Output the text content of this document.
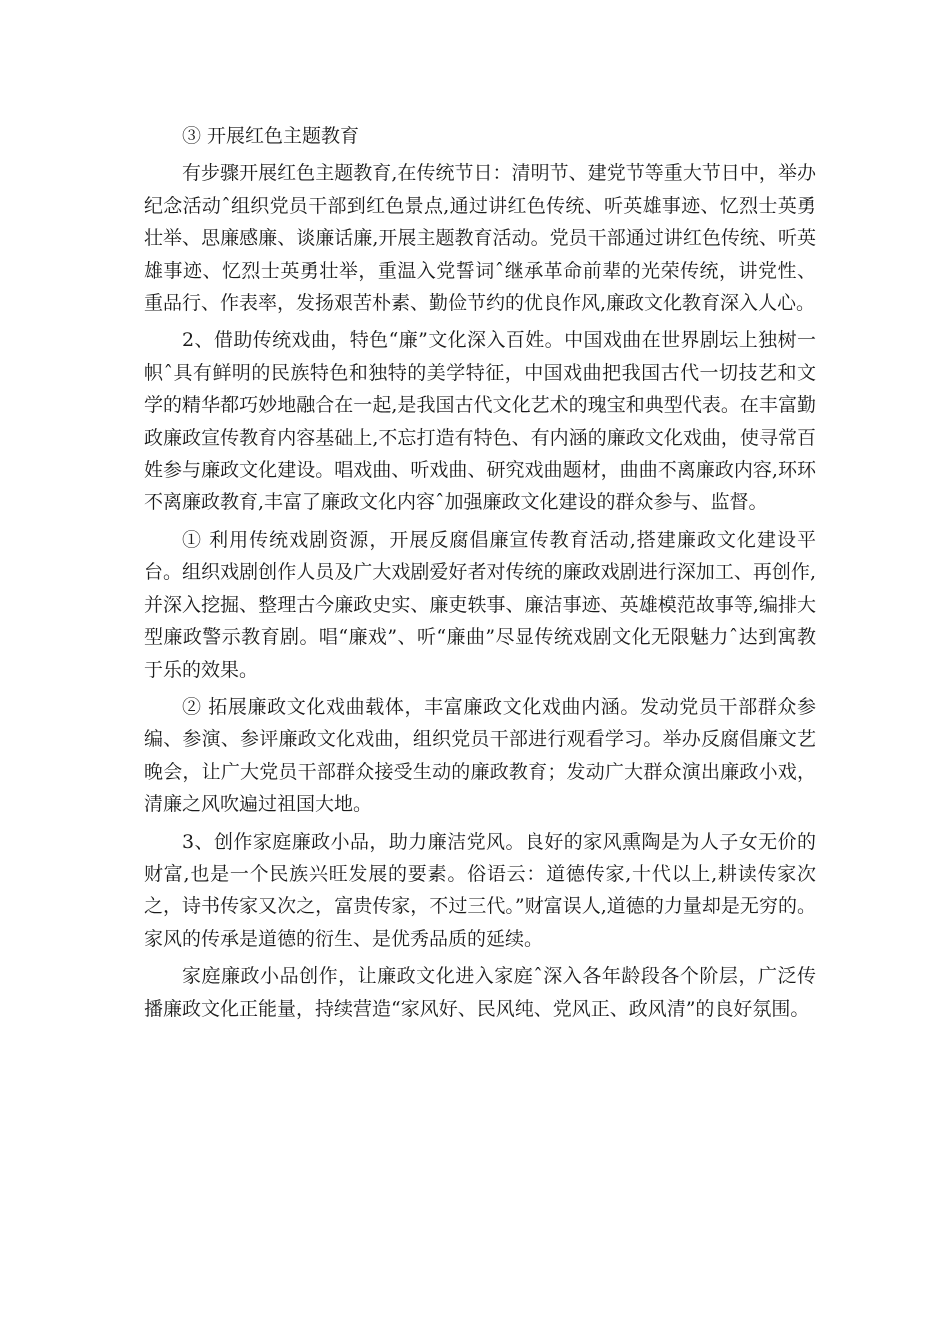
③ 开展红色主题教育

有步骤开展红色主题教育,在传统节日：清明节、建党节等重大节日中，举办纪念活动ˆ组织党员干部到红色景点,通过讲红色传统、听英雄事迹、忆烈士英勇壮举、思廉感廉、谈廉话廉,开展主题教育活动。党员干部通过讲红色传统、听英雄事迹、忆烈士英勇壮举，重温入党誓词ˆ继承革命前辈的光荣传统，讲党性、重品行、作表率，发扬艰苦朴素、勤俭节约的优良作风,廉政文化教育深入人心。

2、借助传统戏曲，特色“廉”文化深入百姓。中国戏曲在世界剧坛上独树一帜ˆ具有鲜明的民族特色和独特的美学特征，中国戏曲把我国古代一切技艺和文学的精华都巧妙地融合在一起,是我国古代文化艺术的瑰宝和典型代表。在丰富勤政廉政宣传教育内容基础上,不忘打造有特色、有内涵的廉政文化戏曲，使寻常百姓参与廉政文化建设。唱戏曲、听戏曲、研究戏曲题材，曲曲不离廉政内容,环环不离廉政教育,丰富了廉政文化内容ˆ加强廉政文化建设的群众参与、监督。

① 利用传统戏剧资源，开展反腐倡廉宣传教育活动,搭建廉政文化建设平台。组织戏剧创作人员及广大戏剧爱好者对传统的廉政戏剧进行深加工、再创作,并深入挖掘、整理古今廉政史实、廉吏轶事、廉洁事迹、英雄模范故事等,编排大型廉政警示教育剧。唱“廉戏”、听“廉曲”尽显传统戏剧文化无限魅力ˆ达到寓教于乐的效果。

② 拓展廉政文化戏曲载体，丰富廉政文化戏曲内涵。发动党员干部群众参编、参演、参评廉政文化戏曲，组织党员干部进行观看学习。举办反腐倡廉文艺晚会，让广大党员干部群众接受生动的廉政教育；发动广大群众演出廉政小戏，清廉之风吹遍过祖国大地。

3、创作家庭廉政小品，助力廉洁党风。良好的家风熏陶是为人子女无价的财富,也是一个民族兴旺发展的要素。俗语云：道德传家,十代以上,耕读传家次之，诗书传家又次之，富贵传家，不过三代。”财富误人,道德的力量却是无穷的。家风的传承是道德的衍生、是优秀品质的延续。

家庭廉政小品创作，让廉政文化进入家庭ˆ深入各年龄段各个阶层，广泛传播廉政文化正能量，持续营造“家风好、民风纯、党风正、政风清”的良好氛围。
